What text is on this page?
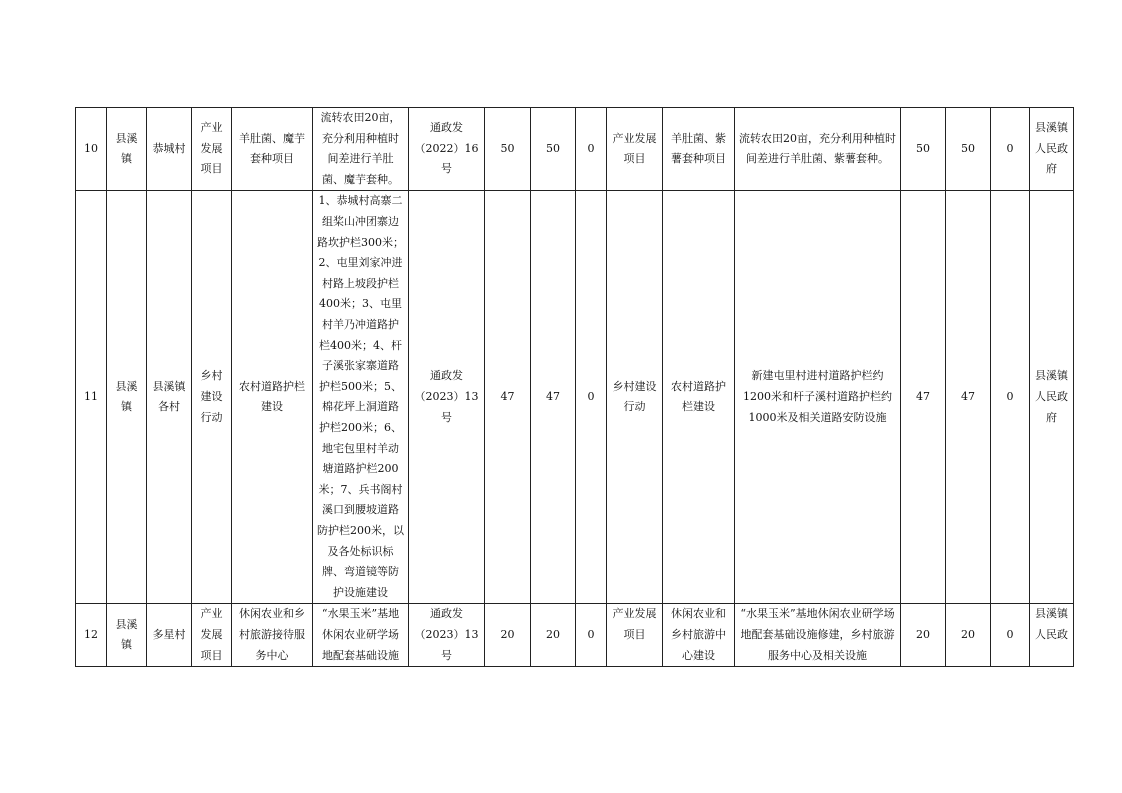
10	县溪镇	恭城村	产业发展项目	羊肚菌、魔芋套种项目	流转农田20亩，充分利用种植时间差进行羊肚菌、魔芋套种。	通政发（2022）16号	50	50	0	产业发展项目	羊肚菌、紫薯套种项目	流转农田20亩，充分利用种植时间差进行羊肚菌、紫薯套种。	50	50	0	县溪镇人民政府
11	县溪镇	县溪镇各村	乡村建设行动	农村道路护栏建设	1、恭城村高寨二组桨山冲团寨边路坎护栏300米；2、屯里刘家冲进村路上坡段护栏400米；3、屯里村羊乃冲道路护栏400米；4、杆子溪张家寨道路护栏500米；5、棉花坪上洞道路护栏200米；6、地宅包里村羊动塘道路护栏200米；7、兵书阁村溪口到腰坡道路防护栏200米，以及各处标识标牌、弯道镜等防护设施建设	通政发（2023）13号	47	47	0	乡村建设行动	农村道路护栏建设	新建屯里村进村道路护栏约1200米和杆子溪村道路护栏约1000米及相关道路安防设施	47	47	0	县溪镇人民政府
12	县溪镇	多星村	产业发展项目	休闲农业和乡村旅游接待服务中心	“水果玉米”基地休闲农业研学场地配套基础设施	通政发（2023）13号	20	20	0	产业发展项目	休闲农业和乡村旅游中心建设	“水果玉米”基地休闲农业研学场地配套基础设施修建，乡村旅游服务中心及相关设施	20	20	0	县溪镇人民政
